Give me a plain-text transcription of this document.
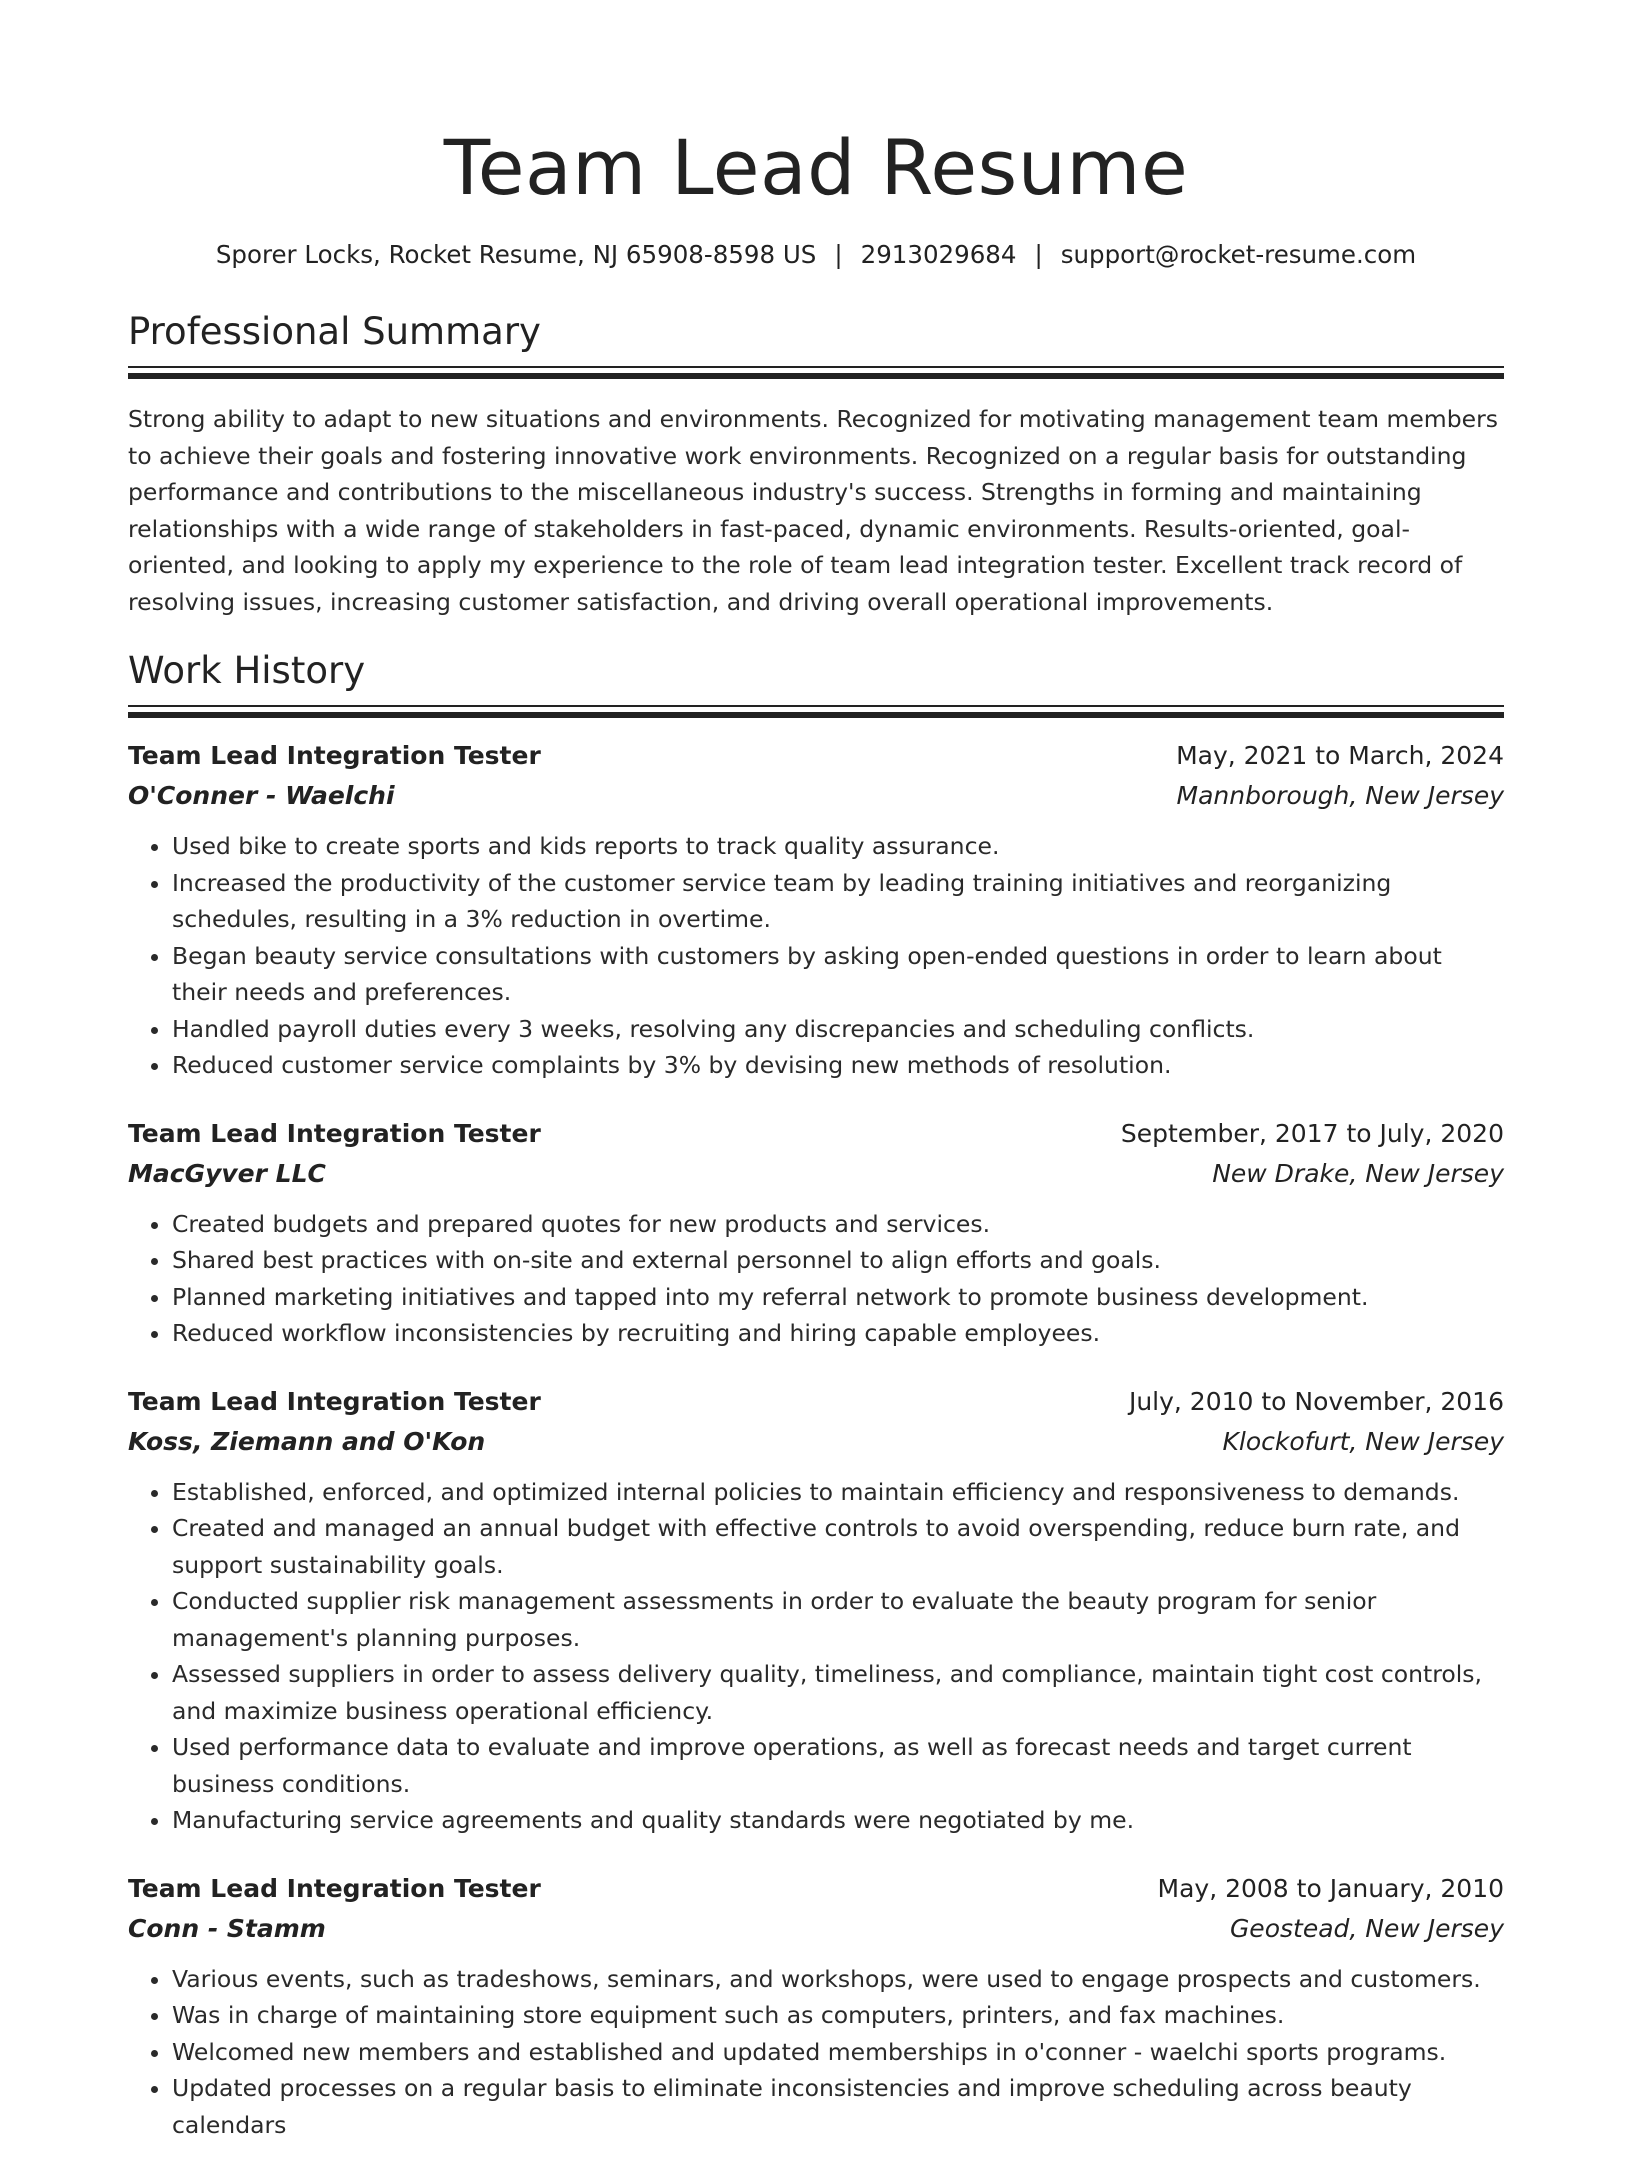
Team Lead Resume
Sporer Locks, Rocket Resume, NJ 65908-8598 US | 2913029684 | support@rocket-resume.com
Professional Summary

Strong ability to adapt to new situations and environments. Recognized for motivating management team members to achieve their goals and fostering innovative work environments. Recognized on a regular basis for outstanding performance and contributions to the miscellaneous industry's success. Strengths in forming and maintaining relationships with a wide range of stakeholders in fast-paced, dynamic environments. Results-oriented, goal-oriented, and looking to apply my experience to the role of team lead integration tester. Excellent track record of resolving issues, increasing customer satisfaction, and driving overall operational improvements.

Work History
Team Lead Integration Tester	May, 2021 to March, 2024
O'Conner - Waelchi	Mannborough, New Jersey
• Used bike to create sports and kids reports to track quality assurance.
• Increased the productivity of the customer service team by leading training initiatives and reorganizing schedules, resulting in a 3% reduction in overtime.
• Began beauty service consultations with customers by asking open-ended questions in order to learn about their needs and preferences.
• Handled payroll duties every 3 weeks, resolving any discrepancies and scheduling conflicts.
• Reduced customer service complaints by 3% by devising new methods of resolution.
Team Lead Integration Tester	September, 2017 to July, 2020
MacGyver LLC	New Drake, New Jersey
• Created budgets and prepared quotes for new products and services.
• Shared best practices with on-site and external personnel to align efforts and goals.
• Planned marketing initiatives and tapped into my referral network to promote business development.
• Reduced workflow inconsistencies by recruiting and hiring capable employees.
Team Lead Integration Tester	July, 2010 to November, 2016
Koss, Ziemann and O'Kon	Klockofurt, New Jersey
• Established, enforced, and optimized internal policies to maintain efficiency and responsiveness to demands.
• Created and managed an annual budget with effective controls to avoid overspending, reduce burn rate, and support sustainability goals.
• Conducted supplier risk management assessments in order to evaluate the beauty program for senior management's planning purposes.
• Assessed suppliers in order to assess delivery quality, timeliness, and compliance, maintain tight cost controls, and maximize business operational efficiency.
• Used performance data to evaluate and improve operations, as well as forecast needs and target current business conditions.
• Manufacturing service agreements and quality standards were negotiated by me.
Team Lead Integration Tester	May, 2008 to January, 2010
Conn - Stamm	Geostead, New Jersey
• Various events, such as tradeshows, seminars, and workshops, were used to engage prospects and customers.
• Was in charge of maintaining store equipment such as computers, printers, and fax machines.
• Welcomed new members and established and updated memberships in o'conner - waelchi sports programs.
• Updated processes on a regular basis to eliminate inconsistencies and improve scheduling across beauty calendars
